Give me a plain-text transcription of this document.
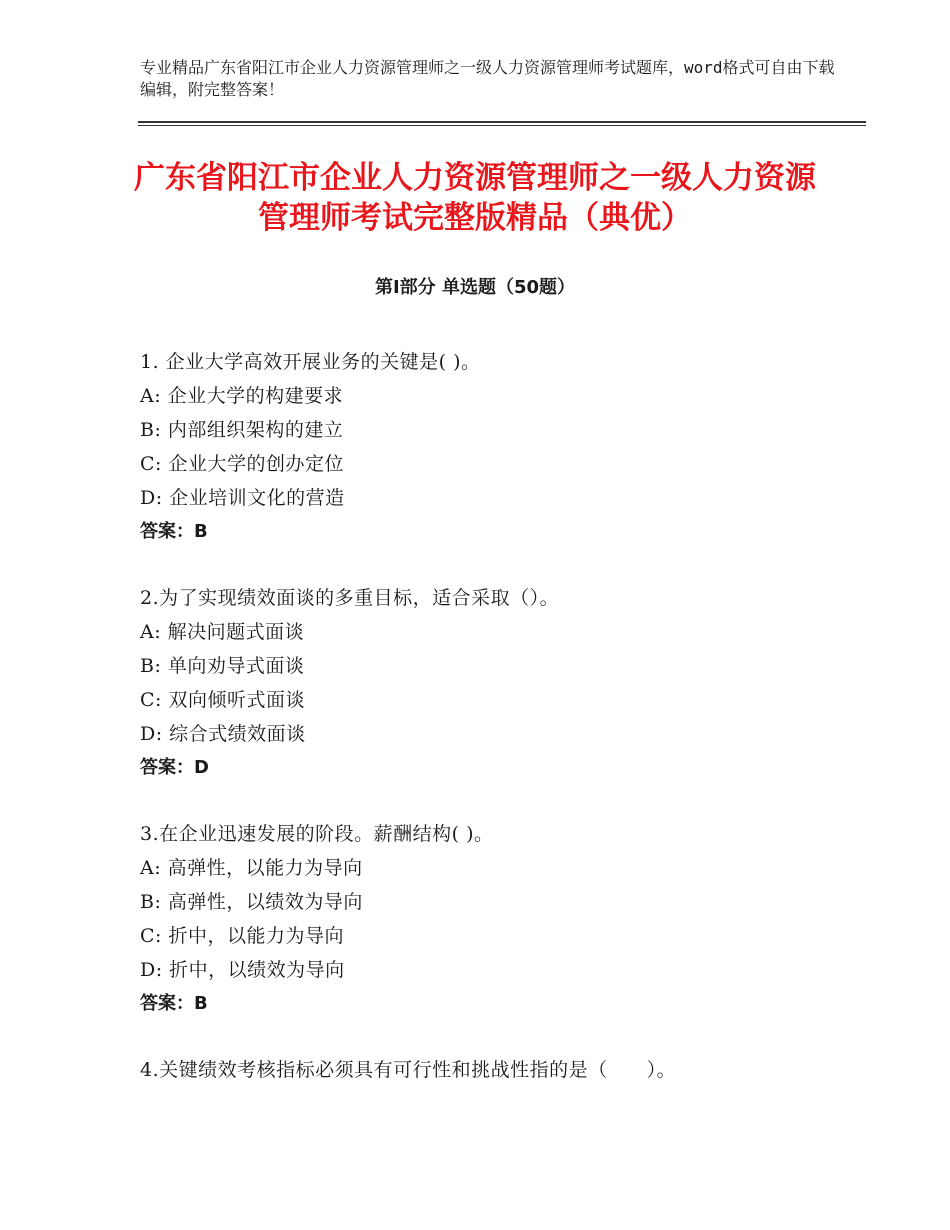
专业精品广东省阳江市企业人力资源管理师之一级人力资源管理师考试题库，word格式可自由下载编辑，附完整答案！
广东省阳江市企业人力资源管理师之一级人力资源管理师考试完整版精品（典优）
第Ⅰ部分 单选题（50题）
1. 企业大学高效开展业务的关键是( )。
A: 企业大学的构建要求
B: 内部组织架构的建立
C: 企业大学的创办定位
D: 企业培训文化的营造
答案：B
2.为了实现绩效面谈的多重目标，适合采取（）。
A: 解决问题式面谈
B: 单向劝导式面谈
C: 双向倾听式面谈
D: 综合式绩效面谈
答案：D
3.在企业迅速发展的阶段。薪酬结构( )。
A: 高弹性，以能力为导向
B: 高弹性，以绩效为导向
C: 折中，以能力为导向
D: 折中，以绩效为导向
答案：B
4.关键绩效考核指标必须具有可行性和挑战性指的是（　　）。
